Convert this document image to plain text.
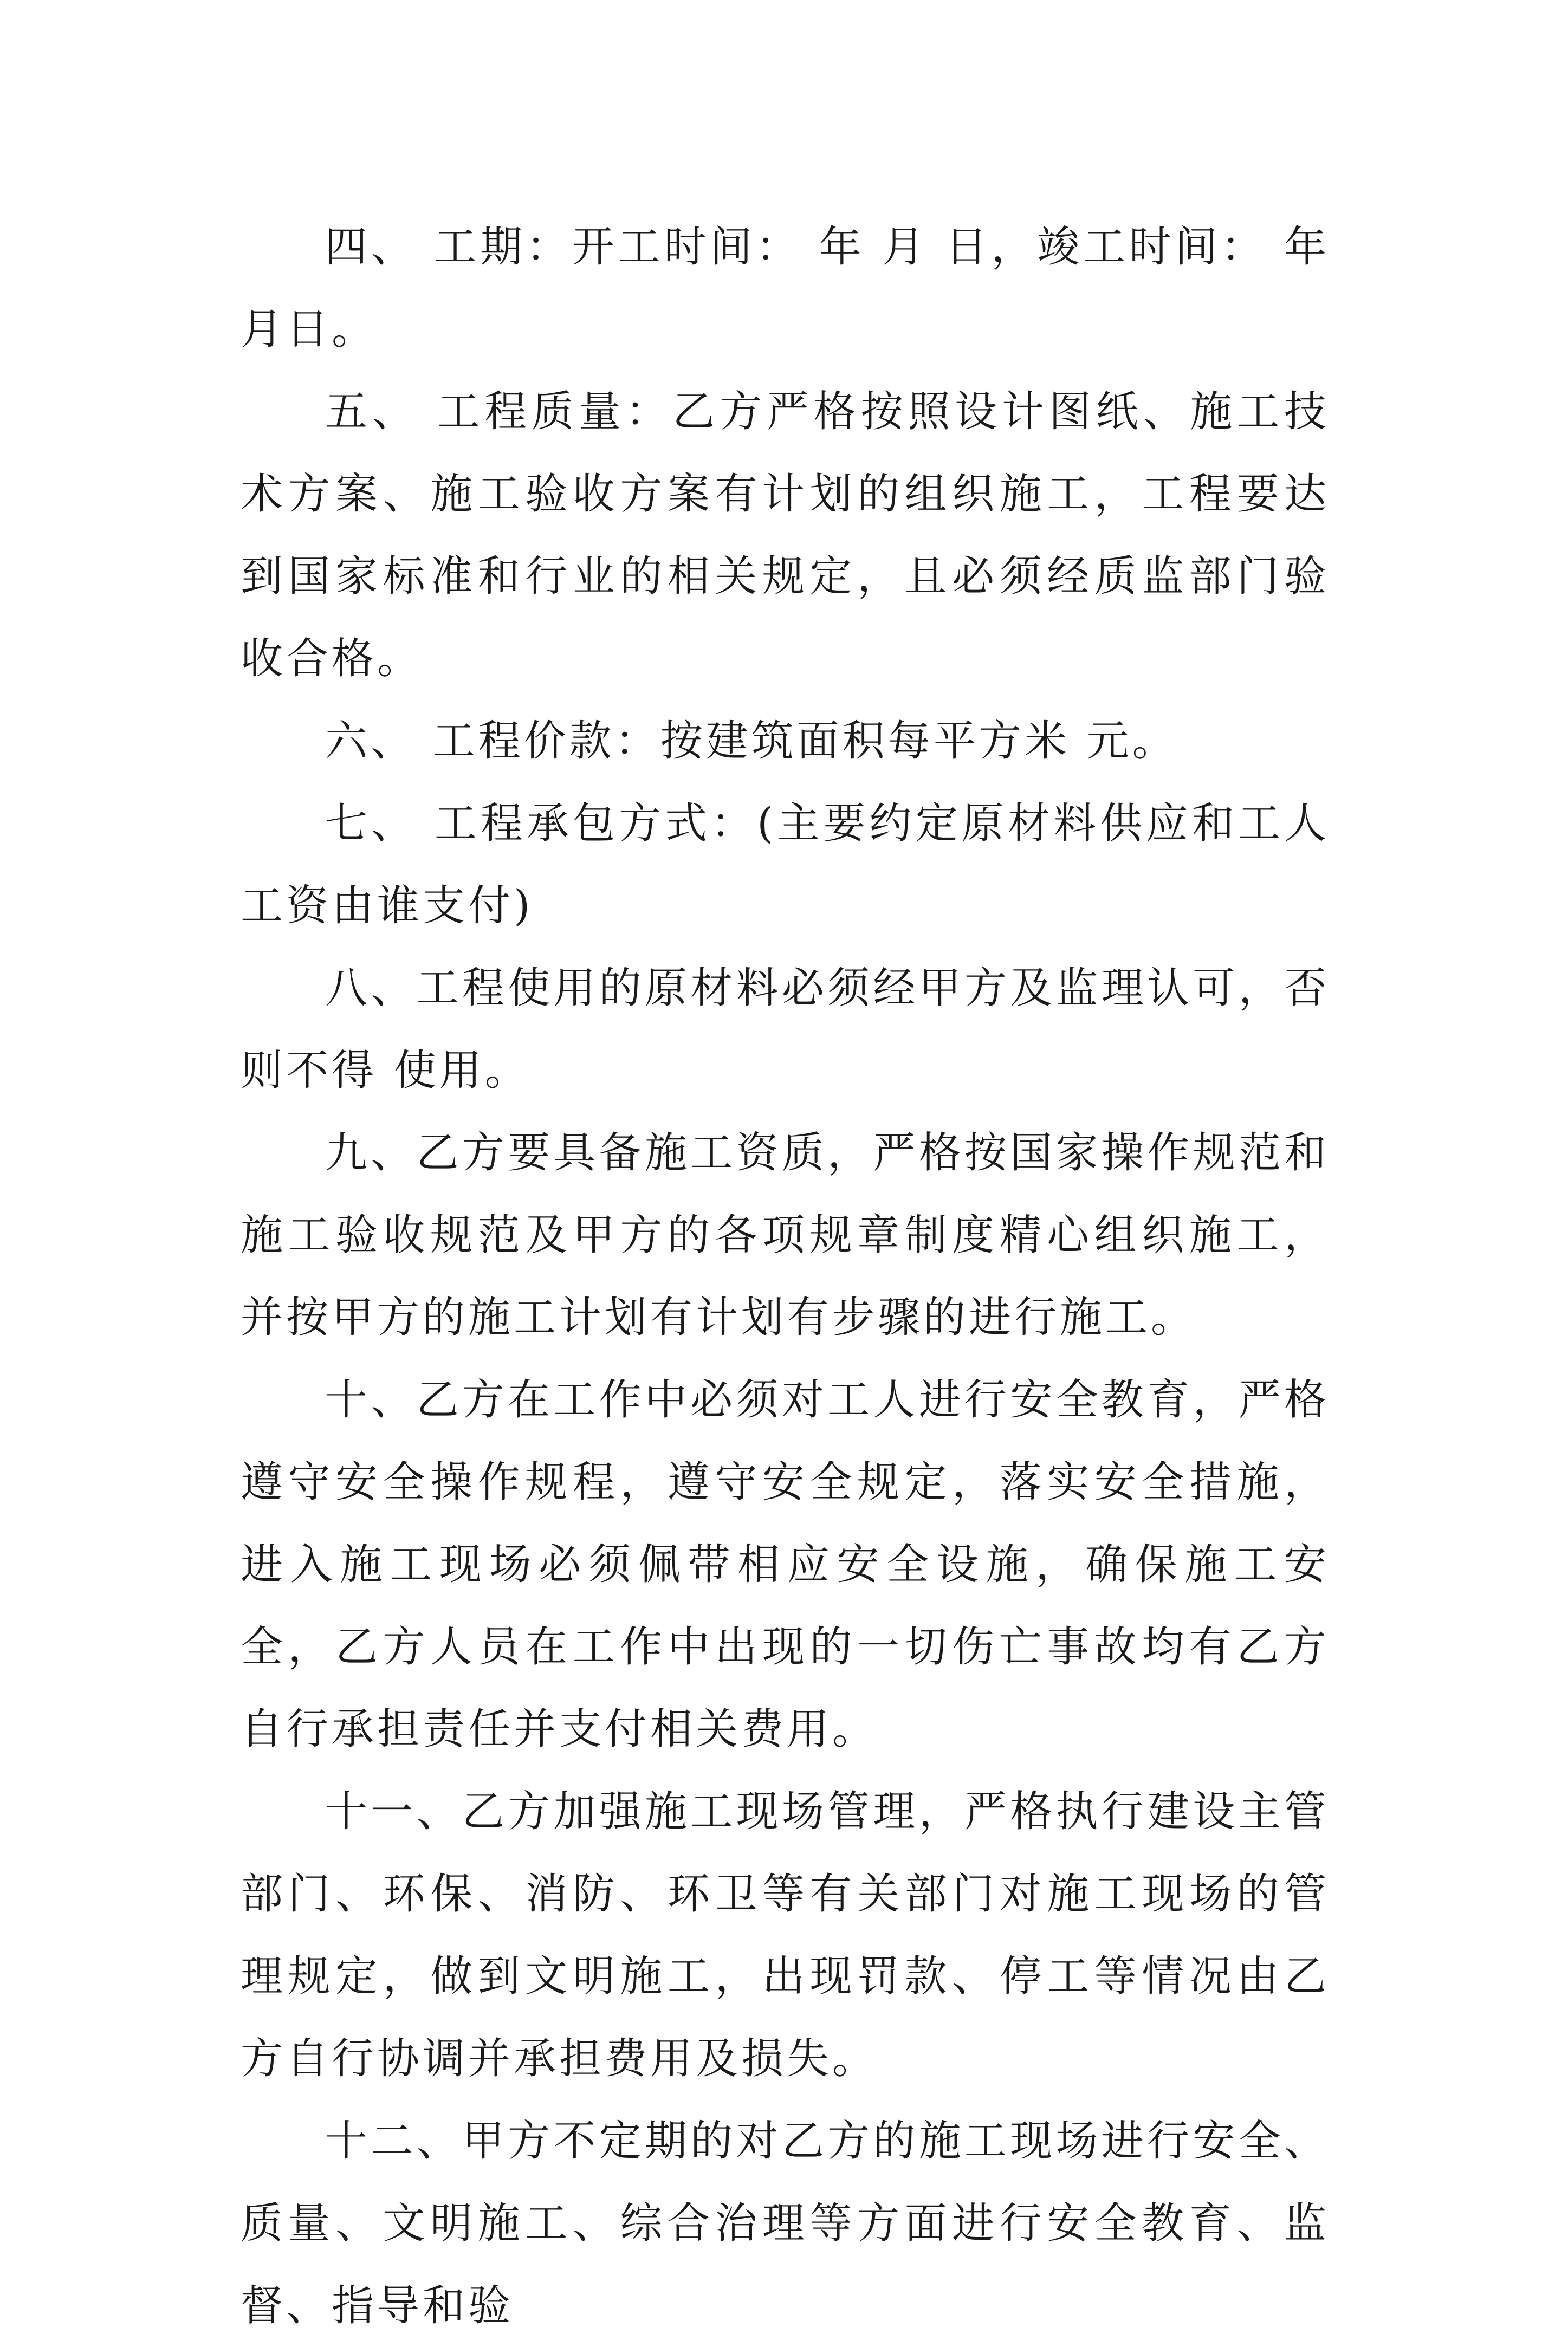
四、 工期：开工时间： 年 月 日，竣工时间： 年 月日。

五、 工程质量：乙方严格按照设计图纸、施工技术方案、施工验收方案有计划的组织施工，工程要达到国家标准和行业的相关规定，且必须经质监部门验收合格。

六、 工程价款：按建筑面积每平方米 元。

七、 工程承包方式：(主要约定原材料供应和工人工资由谁支付)

八、工程使用的原材料必须经甲方及监理认可，否则不得 使用。

九、乙方要具备施工资质，严格按国家操作规范和施工验收规范及甲方的各项规章制度精心组织施工，并按甲方的施工计划有计划有步骤的进行施工。

十、乙方在工作中必须对工人进行安全教育，严格遵守安全操作规程，遵守安全规定，落实安全措施，进入施工现场必须佩带相应安全设施，确保施工安全，乙方人员在工作中出现的一切伤亡事故均有乙方自行承担责任并支付相关费用。

十一、乙方加强施工现场管理，严格执行建设主管部门、环保、消防、环卫等有关部门对施工现场的管理规定，做到文明施工，出现罚款、停工等情况由乙方自行协调并承担费用及损失。

十二、甲方不定期的对乙方的施工现场进行安全、质量、文明施工、综合治理等方面进行安全教育、监督、指导和验
